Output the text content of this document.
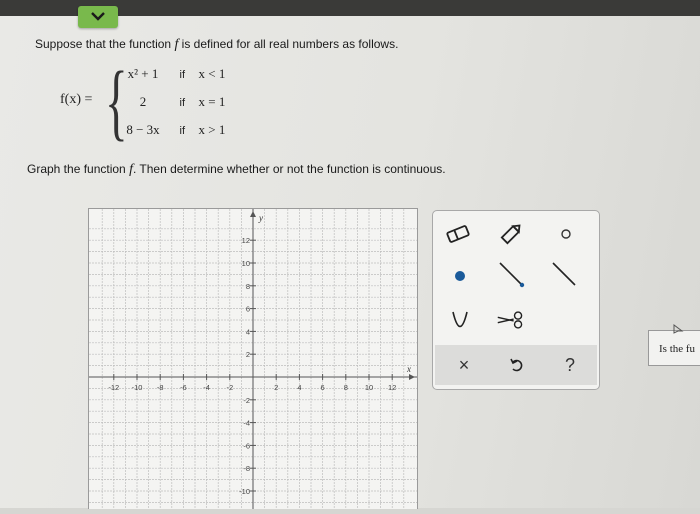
Suppose that the function f is defined for all real numbers as follows.
f(x) = { x² + 1 if x < 1
2	if x = 1
8 − 3x if x > 1
Graph the function f. Then determine whether or not the function is continuous.
x
y
-12 -10 -8 -6 -4 -2	2	4	6	8 10 12
12
10
8
6
4
2
-2
-4
-6
-8
-10
×	?
Is the fu
